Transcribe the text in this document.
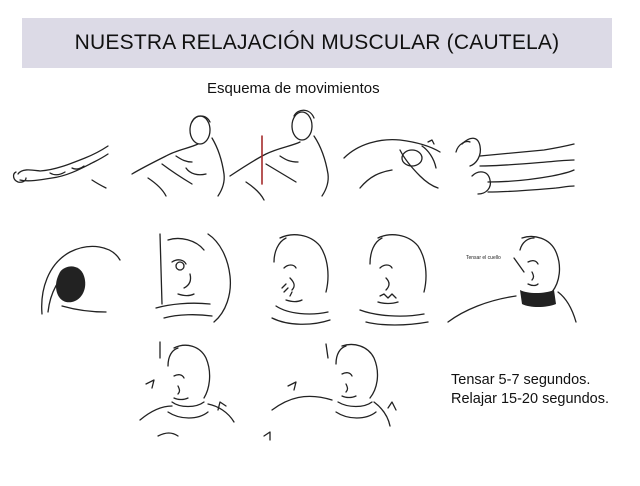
NUESTRA RELAJACIÓN MUSCULAR (CAUTELA)
Esquema de movimientos
Tensar el cuello
Tensar 5-7 segundos.
Relajar 15-20 segundos.
